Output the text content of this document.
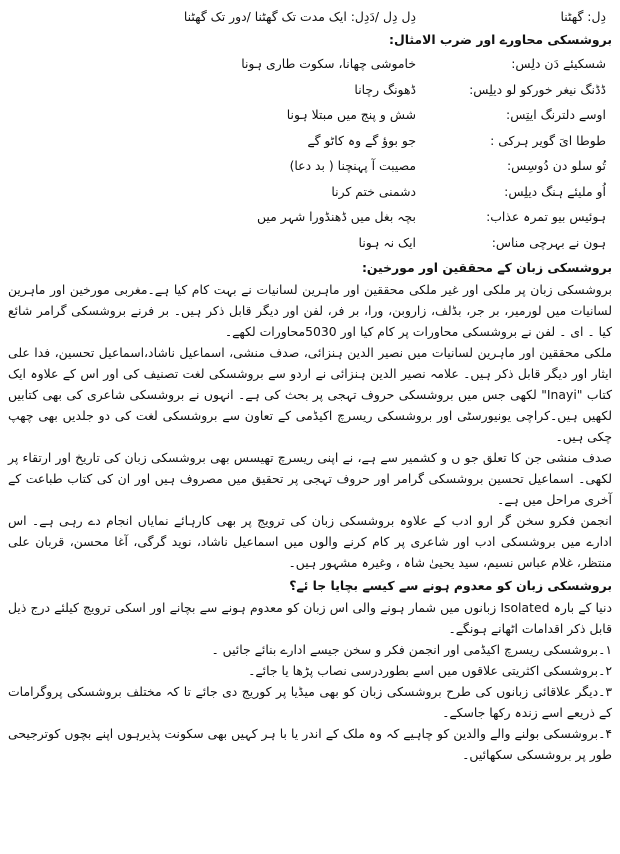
دِل: گھٹنا
دِل دِل /دَدِل: ایک مدت تک گھٹنا /دور تک گھٹنا
بروشسکی محاورے اور ضرب الامثال:
شسکیئے دَن دلِس:
خاموشی چھانا، سکوت طاری ہونا
ڈڈنگ نیغر خورکو لو دیلِس:
ڈھونگ رچانا
اوسے دلترنگ ایتِس:
شش و پنج میں مبتلا ہونا
طوطا ایَ گویر ہرکی :
جو بوؤ گے وہ کاٹو گے
تُو سلو دن دُوسِس:
مصیبت آ پہنچنا ( بد دعا)
اُو ملیئے ہنگ دیلِس:
دشمنی ختم کرنا
ہوئیس بیو تمرہ عذاب:
بچہ بغل میں ڈھنڈورا شہر میں
ہون نے بہرچی مناس:
ایک نہ ہونا
بروشسکی زبان کے محققین اور مورخین:

بروشسکی زبان پر ملکی اور غیر ملکی محققین اور ماہرین لسانیات نے بہت کام کیا ہے۔مغربی مورخین اور ماہرین لسانیات میں لورمیر، بر جر، بڈلف، زاروبن، ورا، بر فر، لفن اور دیگر قابل ذکر ہیں۔ بر فرنے بروشسکی گرامر شائع کیا ۔ ای ۔ لفن نے بروشسکی محاورات پر کام کیا اور 5030محاورات لکھے۔

ملکی محققین اور ماہرین لسانیات میں نصیر الدین ہنزائی، صدف منشی، اسماعیل ناشاد،اسماعیل تحسین، فدا علی ایثار اور دیگر قابل ذکر ہیں۔ علامہ نصیر الدین ہنزائی نے اردو سے بروشسکی لغت تصنیف کی اور اس کے علاوہ ایک کتاب "Inayi" لکھی جس میں بروشسکی حروف تہجی پر بحث کی ہے۔ انہوں نے بروشسکی شاعری کی بھی کتابیں لکھیں ہیں۔کراچی یونیورسٹی اور بروشسکی ریسرچ اکیڈمی کے تعاون سے بروشسکی لغت کی دو جلدیں بھی چھپ چکی ہیں۔

صدف منشی جن کا تعلق جو ں و کشمیر سے ہے، نے اپنی ریسرچ تھیسس بھی بروشسکی زبان کی تاریخ اور ارتقاء پر لکھی۔ اسماعیل تحسین بروشسکی گرامر اور حروف تہجی پر تحقیق میں مصروف ہیں اور ان کی کتاب طباعت کے آخری مراحل میں ہے۔

انجمن فکرو سخن گر ارو ادب کے علاوہ بروشسکی زبان کی ترویج پر بھی کارہائے نمایاں انجام دے رہی ہے۔ اس ادارے میں بروشسکی ادب اور شاعری پر کام کرنے والوں میں اسماعیل ناشاد، نوید گرگی، آغا محسن، قربان علی منتظر، غلام عباس نسیم، سید یحییٰ شاہ ، وغیرہ مشہور ہیں۔

بروشسکی زبان کو معدوم ہونے سے کیسے بچایا جا ئے؟

دنیا کے بارہ Isolated زبانوں میں شمار ہونے والی اس زبان کو معدوم ہونے سے بچانے اور اسکی ترویج کیلئے درج ذیل قابل ذکر اقدامات اٹھانے ہونگے۔

١۔بروشسکی ریسرچ اکیڈمی اور انجمن فکر و سخن جیسے ادارے بنائے جائیں ۔

٢۔بروشسکی اکثریتی علاقوں میں اسے بطوردرسی نصاب پڑھا یا جائے۔

٣۔دیگر علاقائی زبانوں کی طرح بروشسکی زبان کو بھی میڈیا پر کوریج دی جائے تا کہ مختلف بروشسکی پروگرامات کے ذریعے اسے زندہ رکھا جاسکے۔

۴۔بروشسکی بولنے والے والدین کو چاہیے کہ وہ ملک کے اندر یا با ہر کہیں بھی سکونت پذیرہوں اپنے بچوں کوترجیحی طور پر بروشسکی سکھائیں۔
